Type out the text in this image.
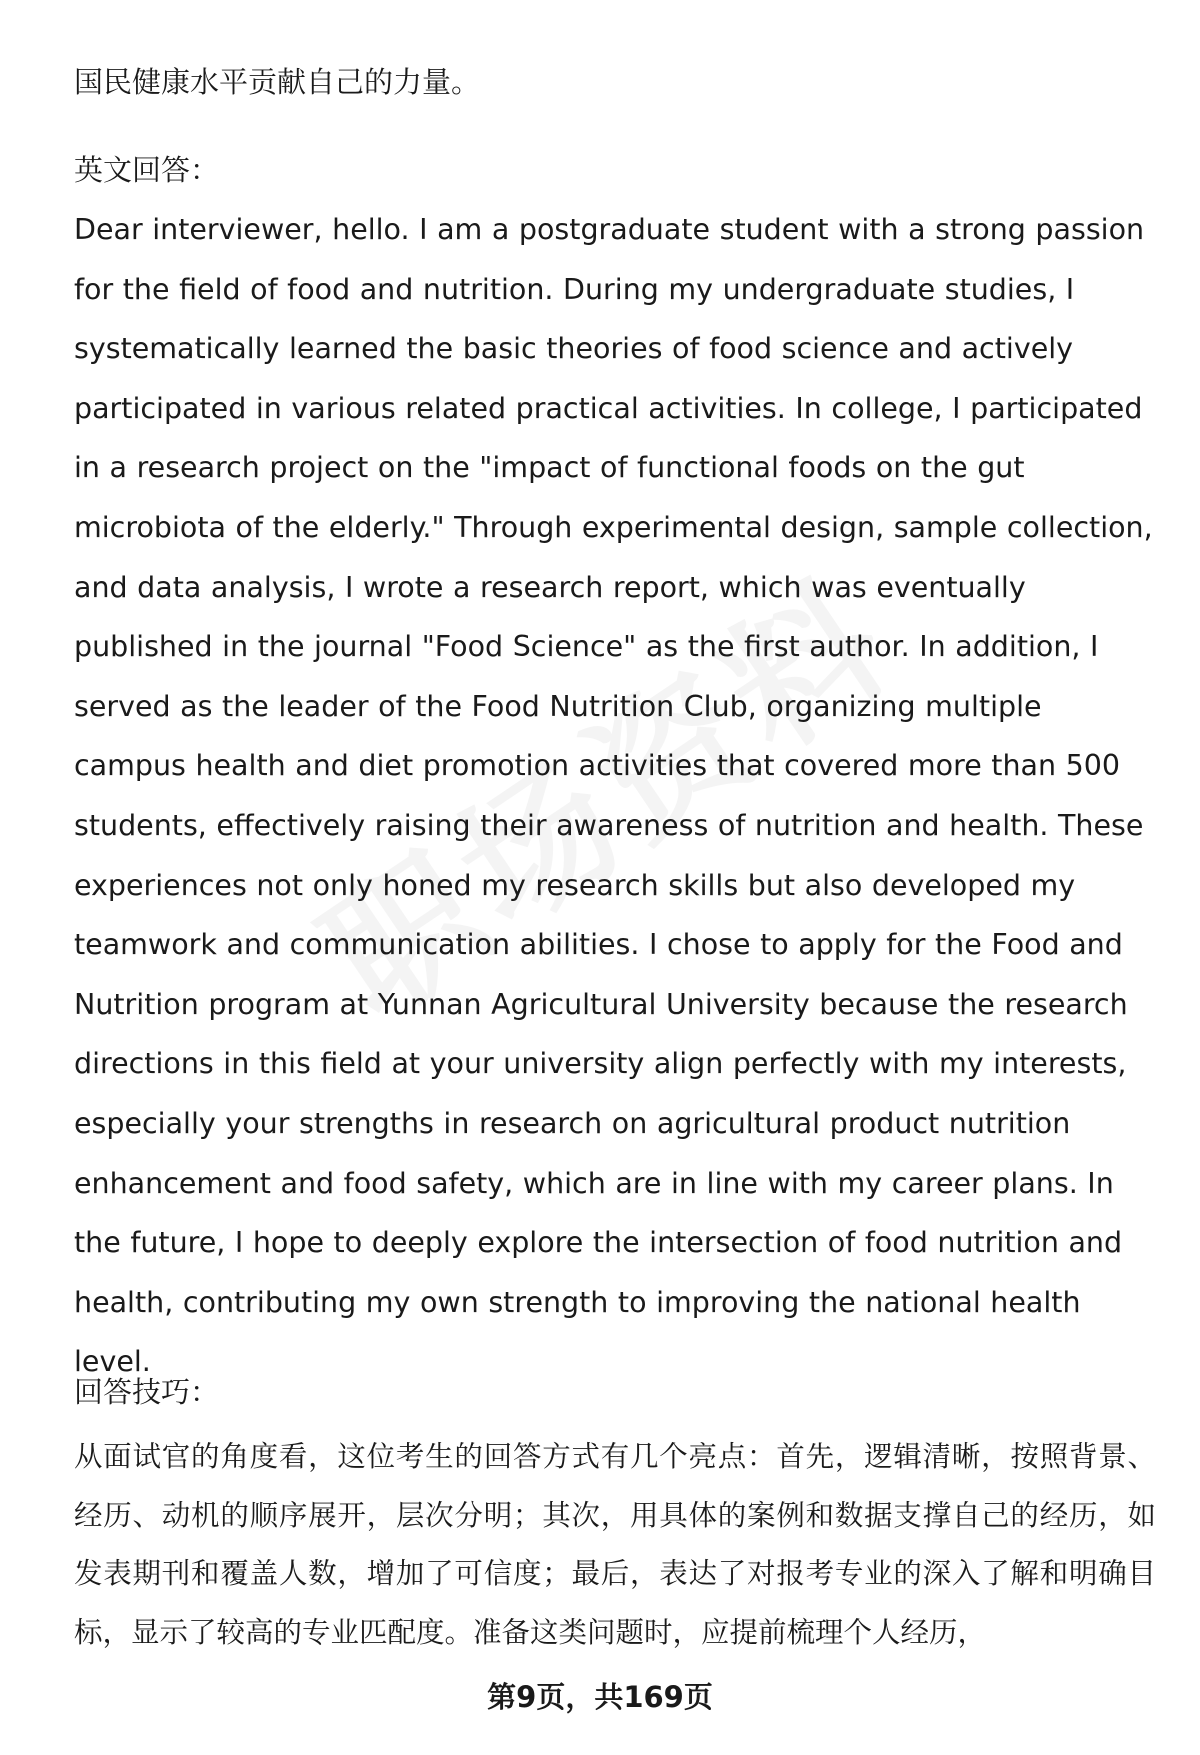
国民健康水平贡献自己的力量。

英文回答：

Dear interviewer, hello. I am a postgraduate student with a strong passion for the field of food and nutrition. During my undergraduate studies, I systematically learned the basic theories of food science and actively participated in various related practical activities. In college, I participated in a research project on the "impact of functional foods on the gut microbiota of the elderly." Through experimental design, sample collection, and data analysis, I wrote a research report, which was eventually published in the journal "Food Science" as the first author. In addition, I served as the leader of the Food Nutrition Club, organizing multiple campus health and diet promotion activities that covered more than 500 students, effectively raising their awareness of nutrition and health. These experiences not only honed my research skills but also developed my teamwork and communication abilities. I chose to apply for the Food and Nutrition program at Yunnan Agricultural University because the research directions in this field at your university align perfectly with my interests, especially your strengths in research on agricultural product nutrition enhancement and food safety, which are in line with my career plans. In the future, I hope to deeply explore the intersection of food nutrition and health, contributing my own strength to improving the national health level.

回答技巧：

从面试官的角度看，这位考生的回答方式有几个亮点：首先，逻辑清晰，按照背景、经历、动机的顺序展开，层次分明；其次，用具体的案例和数据支撑自己的经历，如发表期刊和覆盖人数，增加了可信度；最后，表达了对报考专业的深入了解和明确目标，显示了较高的专业匹配度。准备这类问题时，应提前梳理个人经历，

第9页，共169页
